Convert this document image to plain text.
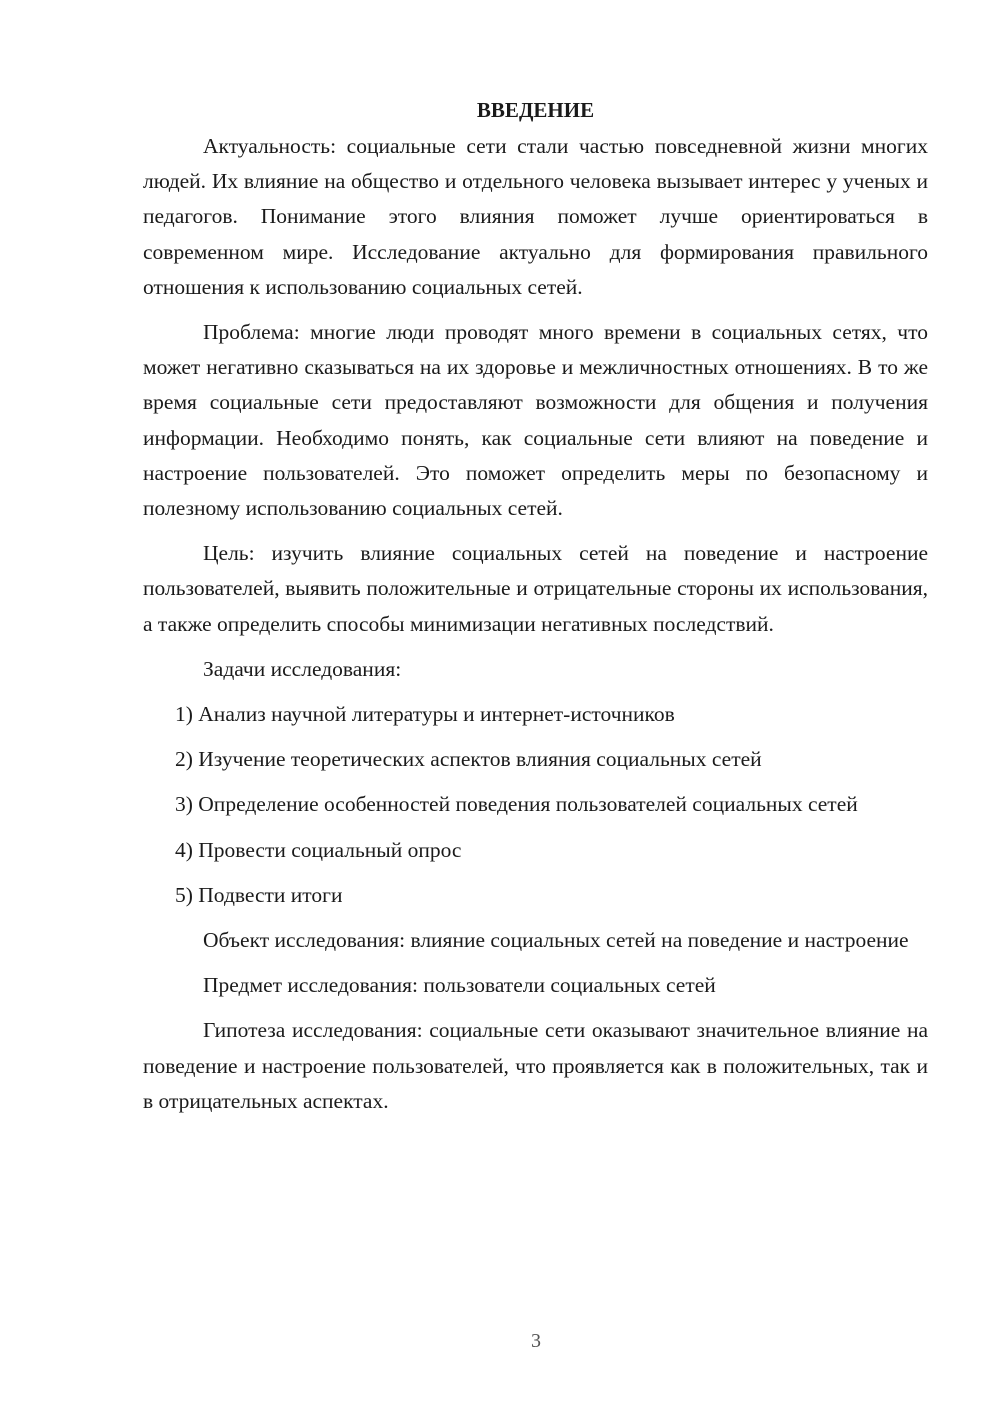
ВВЕДЕНИЕ

Актуальность: социальные сети стали частью повседневной жизни многих людей. Их влияние на общество и отдельного человека вызывает интерес у ученых и педагогов. Понимание этого влияния поможет лучше ориентироваться в современном мире. Исследование актуально для формирования правильного отношения к использованию социальных сетей.

Проблема: многие люди проводят много времени в социальных сетях, что может негативно сказываться на их здоровье и межличностных отношениях. В то же время социальные сети предоставляют возможности для общения и получения информации. Необходимо понять, как социальные сети влияют на поведение и настроение пользователей. Это поможет определить меры по безопасному и полезному использованию социальных сетей.

Цель: изучить влияние социальных сетей на поведение и настроение пользователей, выявить положительные и отрицательные стороны их использования, а также определить способы минимизации негативных последствий.

Задачи исследования:

1) Анализ научной литературы и интернет-источников

2) Изучение теоретических аспектов влияния социальных сетей

3) Определение особенностей поведения пользователей социальных сетей

4) Провести социальный опрос

5) Подвести итоги

Объект исследования: влияние социальных сетей на поведение и настроение

Предмет исследования: пользователи социальных сетей

Гипотеза исследования: социальные сети оказывают значительное влияние на поведение и настроение пользователей, что проявляется как в положительных, так и в отрицательных аспектах.

3
